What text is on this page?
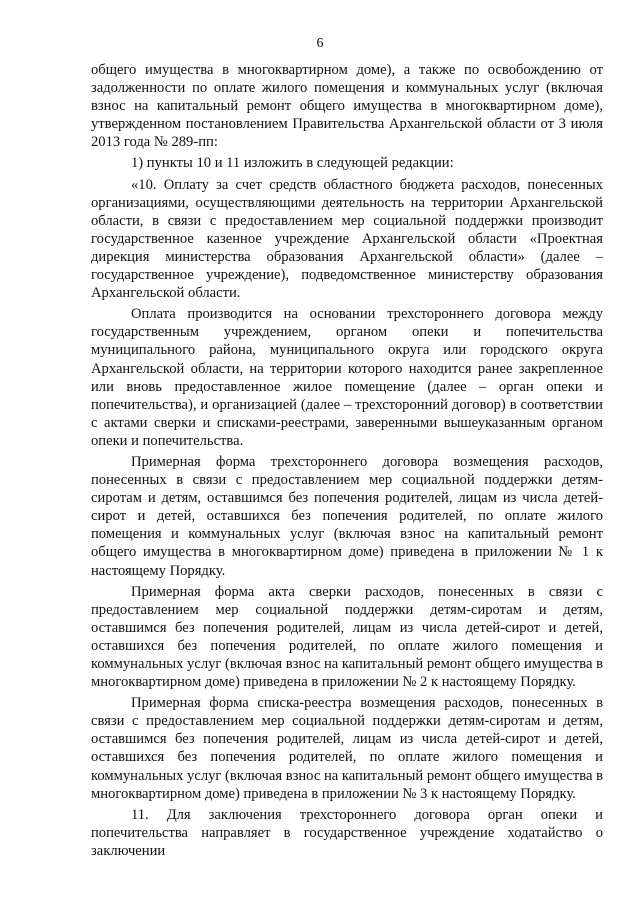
6

общего имущества в многоквартирном доме), а также по освобождению от задолженности по оплате жилого помещения и коммунальных услуг (включая взнос на капитальный ремонт общего имущества в многоквартирном доме), утвержденном постановлением Правительства Архангельской области от 3 июля 2013 года № 289-пп:

1) пункты 10 и 11 изложить в следующей редакции:

«10. Оплату за счет средств областного бюджета расходов, понесенных организациями, осуществляющими деятельность на территории Архангельской области, в связи с предоставлением мер социальной поддержки производит государственное казенное учреждение Архангельской области «Проектная дирекция министерства образования Архангельской области» (далее – государственное учреждение), подведомственное министерству образования Архангельской области.

Оплата производится на основании трехстороннего договора между государственным учреждением, органом опеки и попечительства муниципального района, муниципального округа или городского округа Архангельской области, на территории которого находится ранее закрепленное или вновь предоставленное жилое помещение (далее – орган опеки и попечительства), и организацией (далее – трехсторонний договор) в соответствии с актами сверки и списками-реестрами, заверенными вышеуказанным органом опеки и попечительства.

Примерная форма трехстороннего договора возмещения расходов, понесенных в связи с предоставлением мер социальной поддержки детям-сиротам и детям, оставшимся без попечения родителей, лицам из числа детей-сирот и детей, оставшихся без попечения родителей, по оплате жилого помещения и коммунальных услуг (включая взнос на капитальный ремонт общего имущества в многоквартирном доме) приведена в приложении № 1 к настоящему Порядку.

Примерная форма акта сверки расходов, понесенных в связи с предоставлением мер социальной поддержки детям-сиротам и детям, оставшимся без попечения родителей, лицам из числа детей-сирот и детей, оставшихся без попечения родителей, по оплате жилого помещения и коммунальных услуг (включая взнос на капитальный ремонт общего имущества в многоквартирном доме) приведена в приложении № 2 к настоящему Порядку.

Примерная форма списка-реестра возмещения расходов, понесенных в связи с предоставлением мер социальной поддержки детям-сиротам и детям, оставшимся без попечения родителей, лицам из числа детей-сирот и детей, оставшихся без попечения родителей, по оплате жилого помещения и коммунальных услуг (включая взнос на капитальный ремонт общего имущества в многоквартирном доме) приведена в приложении № 3 к настоящему Порядку.

11. Для заключения трехстороннего договора орган опеки и попечительства направляет в государственное учреждение ходатайство о заключении
